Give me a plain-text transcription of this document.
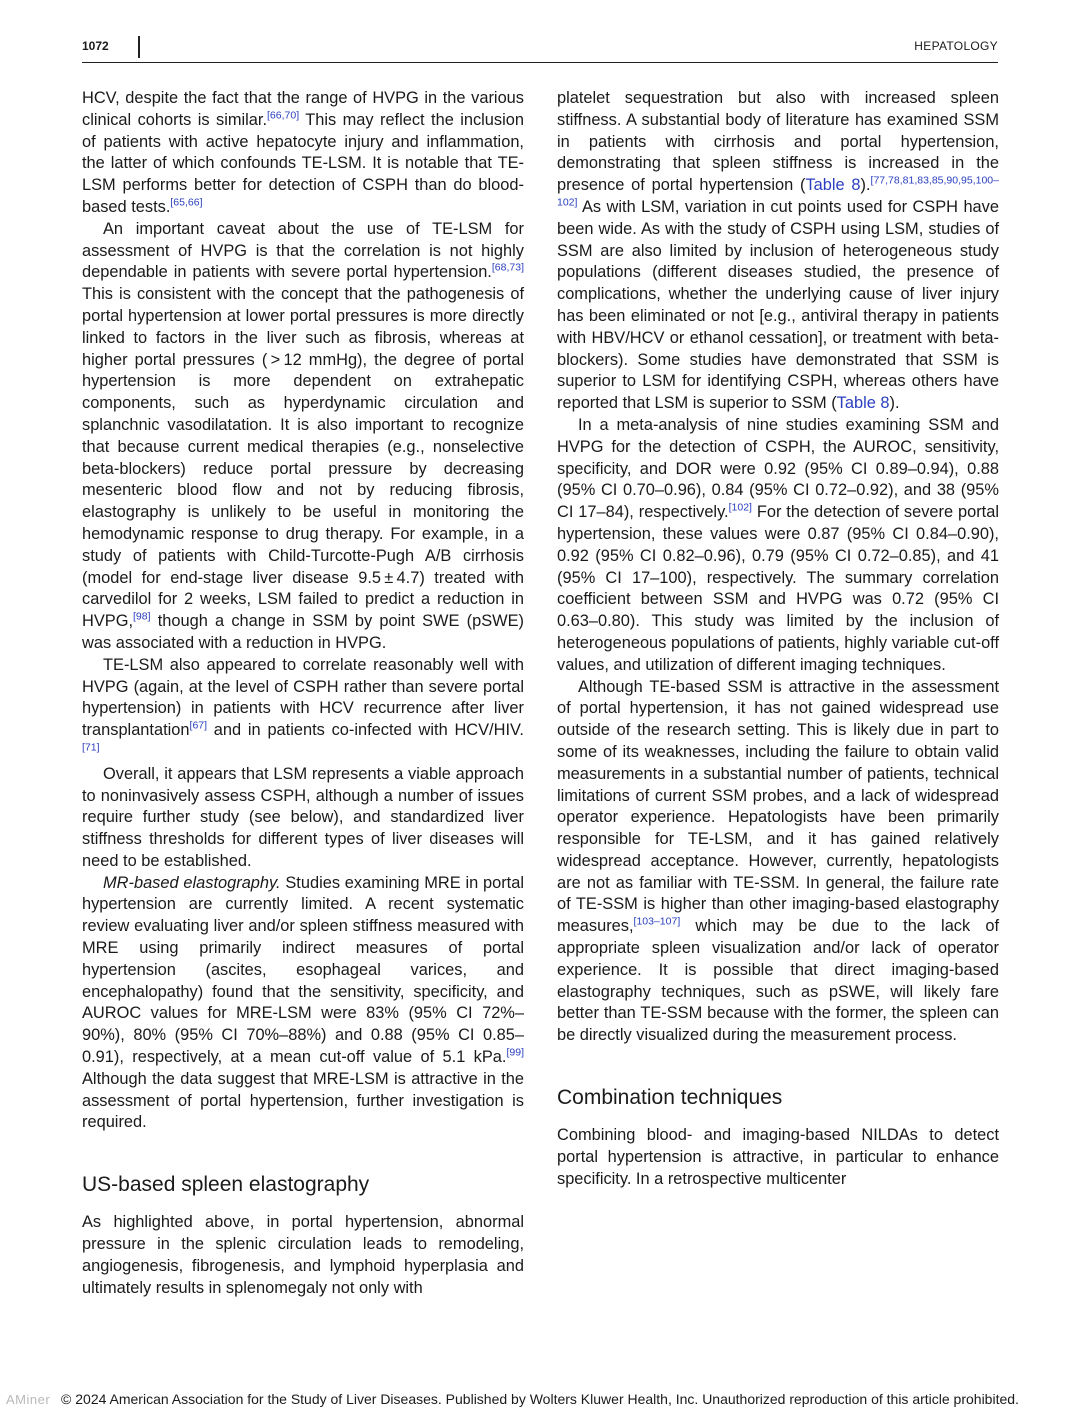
1072	HEPATOLOGY

HCV, despite the fact that the range of HVPG in the various clinical cohorts is similar.[66,70] This may reflect the inclusion of patients with active hepatocyte injury and inflammation, the latter of which confounds TE-LSM. It is notable that TE-LSM performs better for detection of CSPH than do blood-based tests.[65,66]

An important caveat about the use of TE-LSM for assessment of HVPG is that the correlation is not highly dependable in patients with severe portal hypertension.[68,73] This is consistent with the concept that the pathogenesis of portal hypertension at lower portal pressures is more directly linked to factors in the liver such as fibrosis, whereas at higher portal pressures ( > 12 mmHg), the degree of portal hypertension is more dependent on extrahepatic components, such as hyperdynamic circulation and splanchnic vasodilatation. It is also important to recognize that because current medical therapies (e.g., nonselective beta-blockers) reduce portal pressure by decreasing mesenteric blood flow and not by reducing fibrosis, elastography is unlikely to be useful in monitoring the hemodynamic response to drug therapy. For example, in a study of patients with Child-Turcotte-Pugh A/B cirrhosis (model for end-stage liver disease 9.5 ± 4.7) treated with carvedilol for 2 weeks, LSM failed to predict a reduction in HVPG,[98] though a change in SSM by point SWE (pSWE) was associated with a reduction in HVPG.

TE-LSM also appeared to correlate reasonably well with HVPG (again, at the level of CSPH rather than severe portal hypertension) in patients with HCV recurrence after liver transplantation[67] and in patients co-infected with HCV/HIV.[71]

Overall, it appears that LSM represents a viable approach to noninvasively assess CSPH, although a number of issues require further study (see below), and standardized liver stiffness thresholds for different types of liver diseases will need to be established.

MR-based elastography. Studies examining MRE in portal hypertension are currently limited. A recent systematic review evaluating liver and/or spleen stiffness measured with MRE using primarily indirect measures of portal hypertension (ascites, esophageal varices, and encephalopathy) found that the sensitivity, specificity, and AUROC values for MRE-LSM were 83% (95% CI 72%–90%), 80% (95% CI 70%–88%) and 0.88 (95% CI 0.85–0.91), respectively, at a mean cut-off value of 5.1 kPa.[99] Although the data suggest that MRE-LSM is attractive in the assessment of portal hypertension, further investigation is required.

US-based spleen elastography

As highlighted above, in portal hypertension, abnormal pressure in the splenic circulation leads to remodeling, angiogenesis, fibrogenesis, and lymphoid hyperplasia and ultimately results in splenomegaly not only with

platelet sequestration but also with increased spleen stiffness. A substantial body of literature has examined SSM in patients with cirrhosis and portal hypertension, demonstrating that spleen stiffness is increased in the presence of portal hypertension (Table 8).[77,78,81,83,85,90,95,100–102] As with LSM, variation in cut points used for CSPH have been wide. As with the study of CSPH using LSM, studies of SSM are also limited by inclusion of heterogeneous study populations (different diseases studied, the presence of complications, whether the underlying cause of liver injury has been eliminated or not [e.g., antiviral therapy in patients with HBV/HCV or ethanol cessation], or treatment with beta-blockers). Some studies have demonstrated that SSM is superior to LSM for identifying CSPH, whereas others have reported that LSM is superior to SSM (Table 8).

In a meta-analysis of nine studies examining SSM and HVPG for the detection of CSPH, the AUROC, sensitivity, specificity, and DOR were 0.92 (95% CI 0.89–0.94), 0.88 (95% CI 0.70–0.96), 0.84 (95% CI 0.72–0.92), and 38 (95% CI 17–84), respectively.[102] For the detection of severe portal hypertension, these values were 0.87 (95% CI 0.84–0.90), 0.92 (95% CI 0.82–0.96), 0.79 (95% CI 0.72–0.85), and 41 (95% CI 17–100), respectively. The summary correlation coefficient between SSM and HVPG was 0.72 (95% CI 0.63–0.80). This study was limited by the inclusion of heterogeneous populations of patients, highly variable cut-off values, and utilization of different imaging techniques.

Although TE-based SSM is attractive in the assessment of portal hypertension, it has not gained widespread use outside of the research setting. This is likely due in part to some of its weaknesses, including the failure to obtain valid measurements in a substantial number of patients, technical limitations of current SSM probes, and a lack of widespread operator experience. Hepatologists have been primarily responsible for TE-LSM, and it has gained relatively widespread acceptance. However, currently, hepatologists are not as familiar with TE-SSM. In general, the failure rate of TE-SSM is higher than other imaging-based elastography measures,[103–107] which may be due to the lack of appropriate spleen visualization and/or lack of operator experience. It is possible that direct imaging-based elastography techniques, such as pSWE, will likely fare better than TE-SSM because with the former, the spleen can be directly visualized during the measurement process.

Combination techniques

Combining blood- and imaging-based NILDAs to detect portal hypertension is attractive, in particular to enhance specificity. In a retrospective multicenter

© 2024 American Association for the Study of Liver Diseases. Published by Wolters Kluwer Health, Inc. Unauthorized reproduction of this article prohibited.
AMiner
